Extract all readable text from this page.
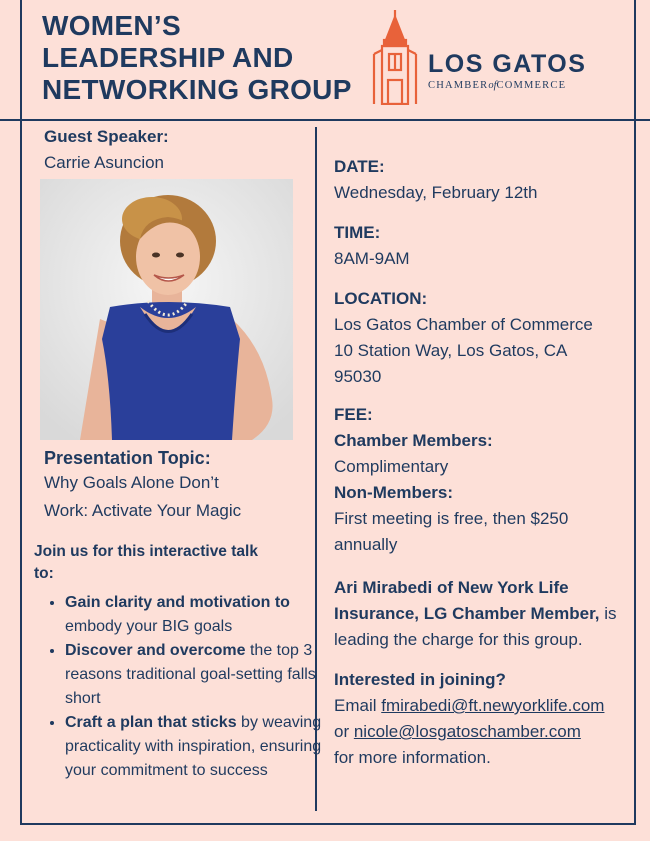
WOMEN’S
LEADERSHIP AND
NETWORKING GROUP
LOS GATOS
CHAMBERofCOMMERCE
Guest Speaker:
Carrie Asuncion
Presentation Topic:
Why Goals Alone Don’t
Work: Activate Your Magic
Join us for this interactive talk
to:
• Gain clarity and motivation to embody your BIG goals
• Discover and overcome the top 3 reasons traditional goal-setting falls short
• Craft a plan that sticks by weaving practicality with inspiration, ensuring your commitment to success
DATE:
Wednesday, February 12th
TIME:
8AM-9AM
LOCATION:
Los Gatos Chamber of Commerce
10 Station Way, Los Gatos, CA
95030
FEE:
Chamber Members:
Complimentary
Non-Members:
First meeting is free, then $250
annually
Ari Mirabedi of New York Life
Insurance, LG Chamber Member, is
leading the charge for this group.
Interested in joining?
Email fmirabedi@ft.newyorklife.com
or nicole@losgatoschamber.com
for more information.
